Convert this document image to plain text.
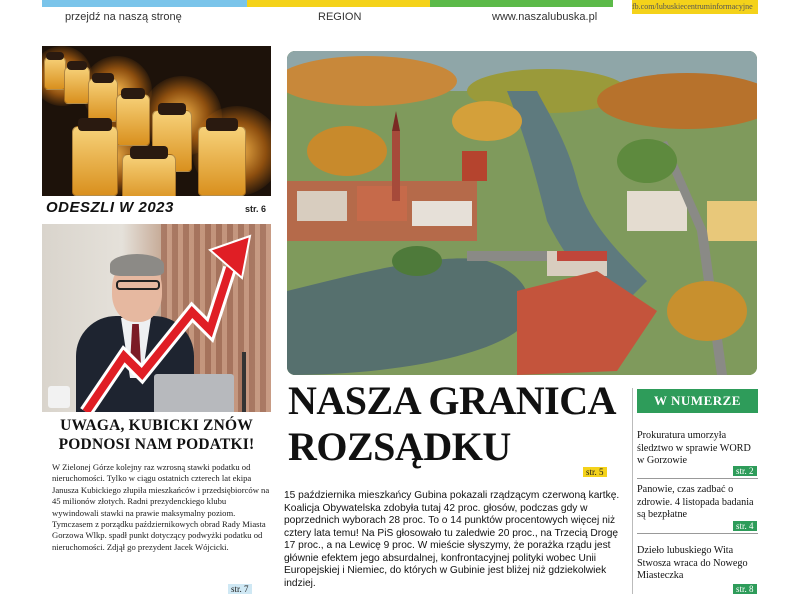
fb.com/lubuskiecentruminformacyjne
przejdź na naszą stronę	REGION	www.naszalubuska.pl
ODESZLI W 2023	str. 6
UWAGA, KUBICKI ZNÓW
PODNOSI NAM PODATKI!

W Zielonej Górze kolejny raz wzrosną stawki podatku od nieruchomości. Tylko w ciągu ostatnich czterech lat ekipa Janusza Kubickiego złupiła mieszkańców i przedsiębiorców na 45 milionów złotych. Radni prezydenckiego klubu wywindowali stawki na prawie maksymalny poziom.

Tymczasem z porządku październikowych obrad Rady Miasta Gorzowa Wlkp. spadł punkt dotyczący podwyżki podatku od nieruchomości. Zdjął go prezydent Jacek Wójcicki.

str. 7
NASZA GRANICA
ROZSĄDKU
str. 5
15 października mieszkańcy Gubina pokazali rządzącym czerwoną kartkę. Koalicja Obywatelska zdobyła tutaj 42 proc. głosów, podczas gdy w poprzednich wyborach 28 proc. To o 14 punktów procentowych więcej niż cztery lata temu! Na PiS głosowało tu zaledwie 20 proc., na Trzecią Drogę 17 proc., a na Lewicę 9 proc. W mieście słyszymy, że porażka rządu jest głównie efektem jego absurdalnej, konfrontacyjnej polityki wobec Unii Europejskiej i Niemiec, do których w Gubinie jest bliżej niż gdziekolwiek indziej.
W NUMERZE
Prokuratura umorzyła śledztwo w sprawie WORD w Gorzowie
str. 2
Panowie, czas zadbać o zdrowie. 4 listopada badania są bezpłatne
str. 4
Dzieło lubuskiego Wita Stwosza wraca do Nowego Miasteczka
str. 8
